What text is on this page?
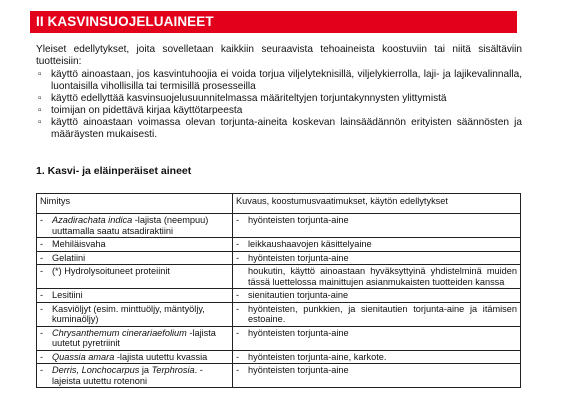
II KASVINSUOJELUAINEET

Yleiset edellytykset, joita sovelletaan kaikkiin seuraavista tehoaineista koostuviin tai niitä sisältäviin tuotteisiin:

▫ käyttö ainoastaan, jos kasvintuhoojia ei voida torjua viljelyteknisillä, viljelykierrolla, laji- ja lajikevalinnalla, luontaisilla vihollisilla tai termisillä prosesseilla
▫ käyttö edellyttää kasvinsuojelusuunnitelmassa määriteltyjen torjuntakynnysten ylittymistä
▫ toimijan on pidettävä kirjaa käyttötarpeesta
▫ käyttö ainoastaan voimassa olevan torjunta-aineita koskevan lainsäädännön erityisten säännösten ja määräysten mukaisesti.
1. Kasvi- ja eläinperäiset aineet
Nimitys	Kuvaus, koostumusvaatimukset, käytön edellytykset

- Azadirachata indica -lajista (neempuu) uuttamalla saatu atsadiraktiini	- hyönteisten torjunta-aine

- Mehiläisvaha	- leikkaushaavojen käsittelyaine

- Gelatiini	- hyönteisten torjunta-aine

- (*) Hydrolysoituneet proteiinit	houkutin, käyttö ainoastaan hyväksyttyinä yhdistelminä muiden tässä luettelossa mainittujen asianmukaisten tuotteiden kanssa

- Lesitiini	- sienitautien torjunta-aine

- Kasviöljyt (esim. minttuöljy, mäntyöljy, kuminaöljy)	- hyönteisten, punkkien, ja sienitautien torjunta-aine ja itämisen estoaine.

- Chrysanthemum cinerariaefolium -lajista uutetut pyretriinit	- hyönteisten torjunta-aine

- Quassia amara -lajista uutettu kvassia	- hyönteisten torjunta-aine, karkote.

- Derris, Lonchocarpus ja Terphrosia. -lajeista uutettu rotenoni	- hyönteisten torjunta-aine
